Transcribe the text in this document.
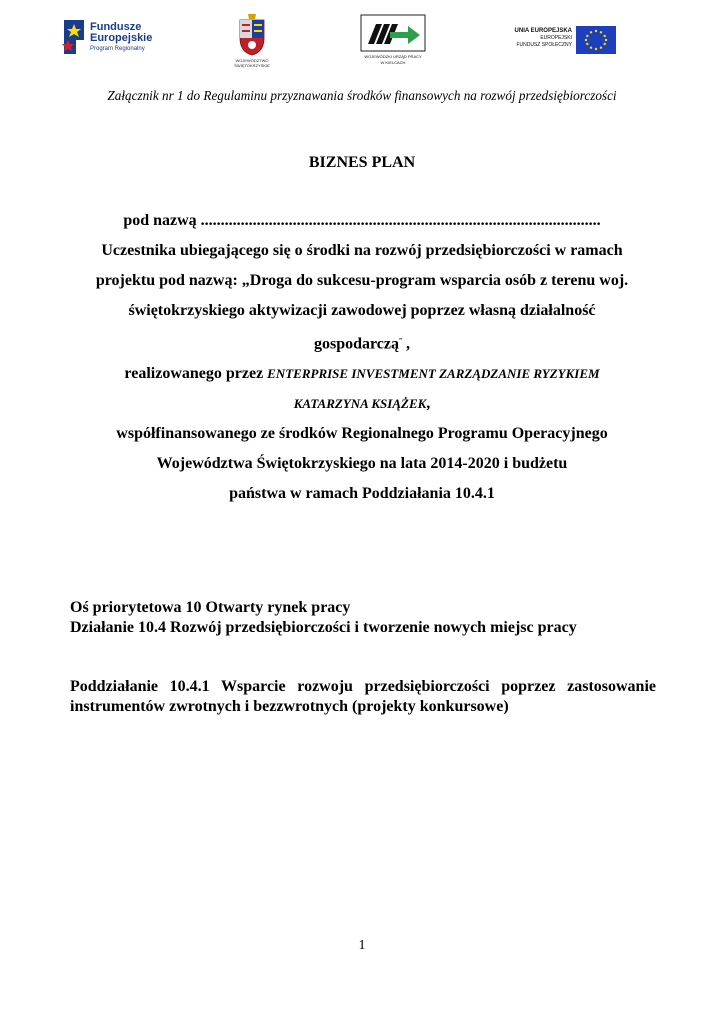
Fundusze
Europejskie
Program Regionalny
WOJEWÓDZTWO
ŚWIĘTOKRZYSKIE
WOJEWÓDZKI URZĄD PRACY
W KIELCACH
UNIA EUROPEJSKA
EUROPEJSKI
FUNDUSZ SPOŁECZNY
Załącznik nr 1 do Regulaminu przyznawania środków finansowych na rozwój przedsiębiorczości
BIZNES PLAN
pod nazwą ....................................................................................................
Uczestnika ubiegającego się o środki na rozwój przedsiębiorczości w ramach
projektu pod nazwą: „Droga do sukcesu-program wsparcia osób z terenu woj.
świętokrzyskiego aktywizacji zawodowej poprzez własną działalność
gospodarczą” ,
realizowanego przez ENTERPRISE INVESTMENT ZARZĄDZANIE RYZYKIEM
KATARZYNA KSIĄŻEK,
współfinansowanego ze środków Regionalnego Programu Operacyjnego
Województwa Świętokrzyskiego na lata 2014-2020 i budżetu
państwa w ramach Poddziałania 10.4.1
Oś priorytetowa 10 Otwarty rynek pracy
Działanie 10.4 Rozwój przedsiębiorczości i tworzenie nowych miejsc pracy
Poddziałanie 10.4.1 Wsparcie rozwoju przedsiębiorczości poprzez zastosowanie instrumentów zwrotnych i bezzwrotnych (projekty konkursowe)
1
